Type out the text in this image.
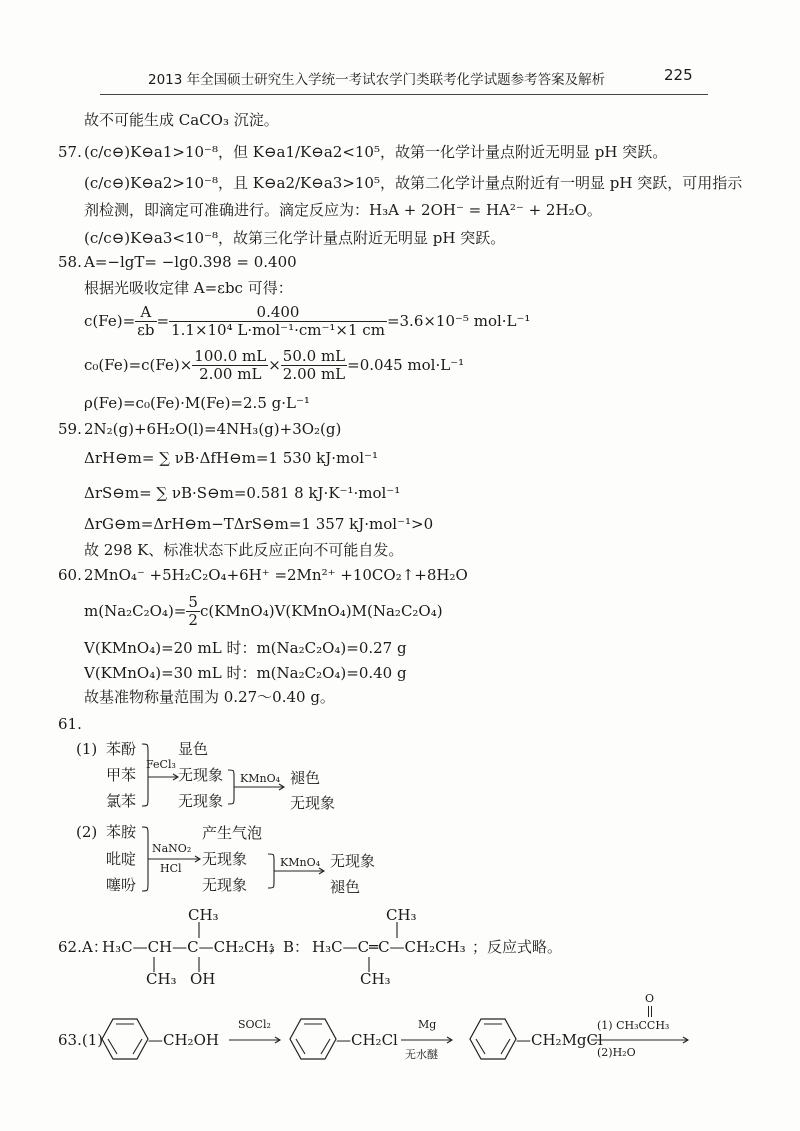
2013 年全国硕士研究生入学统一考试农学门类联考化学试题参考答案及解析	225
故不可能生成 CaCO₃ 沉淀。
57. (c/c⊖)K⊖a1>10⁻⁸，但 K⊖a1/K⊖a2<10⁵，故第一化学计量点附近无明显 pH 突跃。
(c/c⊖)K⊖a2>10⁻⁸，且 K⊖a2/K⊖a3>10⁵，故第二化学计量点附近有一明显 pH 突跃，可用指示
剂检测，即滴定可准确进行。滴定反应为：H₃A + 2OH⁻ = HA²⁻ + 2H₂O。
(c/c⊖)K⊖a3<10⁻⁸，故第三化学计量点附近无明显 pH 突跃。
58. A=−lgT= −lg0.398 = 0.400
根据光吸收定律 A=εbc 可得：
$c(Fe)= \frac{A}{\varepsilon b} = \frac{0.400}{\text{1.1×10⁴ L·mol⁻¹·cm⁻¹×1 cm}} =3.6\times 10^{-5}$ mol·L⁻¹
$c_0(Fe)=c(Fe)\times \frac{100.0 mL}{2.00 mL} \times \frac{50.0 mL}{2.00 mL} =0.045$ mol·L⁻¹
ρ(Fe)=c₀(Fe)·M(Fe)=2.5 g·L⁻¹
59. 2N₂(g)+6H₂O(l)=4NH₃(g)+3O₂(g)
ΔrH⊖m= ∑ νB·ΔfH⊖m=1 530 kJ·mol⁻¹
ΔrS⊖m= ∑ νB·S⊖m=0.581 8 kJ·K⁻¹·mol⁻¹
ΔrG⊖m=ΔrH⊖m−TΔrS⊖m=1 357 kJ·mol⁻¹>0
故 298 K、标准状态下此反应正向不可能自发。
60. 2MnO₄⁻ +5H₂C₂O₄+6H⁺ =2Mn²⁺ +10CO₂↑+8H₂O
$m(Na_2C_2O_4)= \frac{5}{2}$ c(KMnO₄)V(KMnO₄)M(Na₂C₂O₄)
V(KMnO₄)=20 mL 时：m(Na₂C₂O₄)=0.27 g
V(KMnO₄)=30 mL 时：m(Na₂C₂O₄)=0.40 g
故基准物称量范围为 0.27～0.40 g。
61.
(1) 苯酚
甲苯
氯苯
FeCl₃
显色
无现象
无现象
KMnO₄ 褪色
无现象
(2) 苯胺
吡啶
噻吩
NaNO₂
HCl
产生气泡
无现象
无现象
KMnO₄ 无现象
褪色
62. A：
CH₃
H₃C—CH—C—CH₂CH₃
CH₃ OH
；B：
CH₃
H₃C—C═C—CH₂CH₃
CH₃
；反应式略。
63.(1)	—CH₂OH
SOCl₂
—CH₂Cl
Mg
无水醚
—CH₂MgCl
O
(1) CH₃CCH₃
(2)H₂O
